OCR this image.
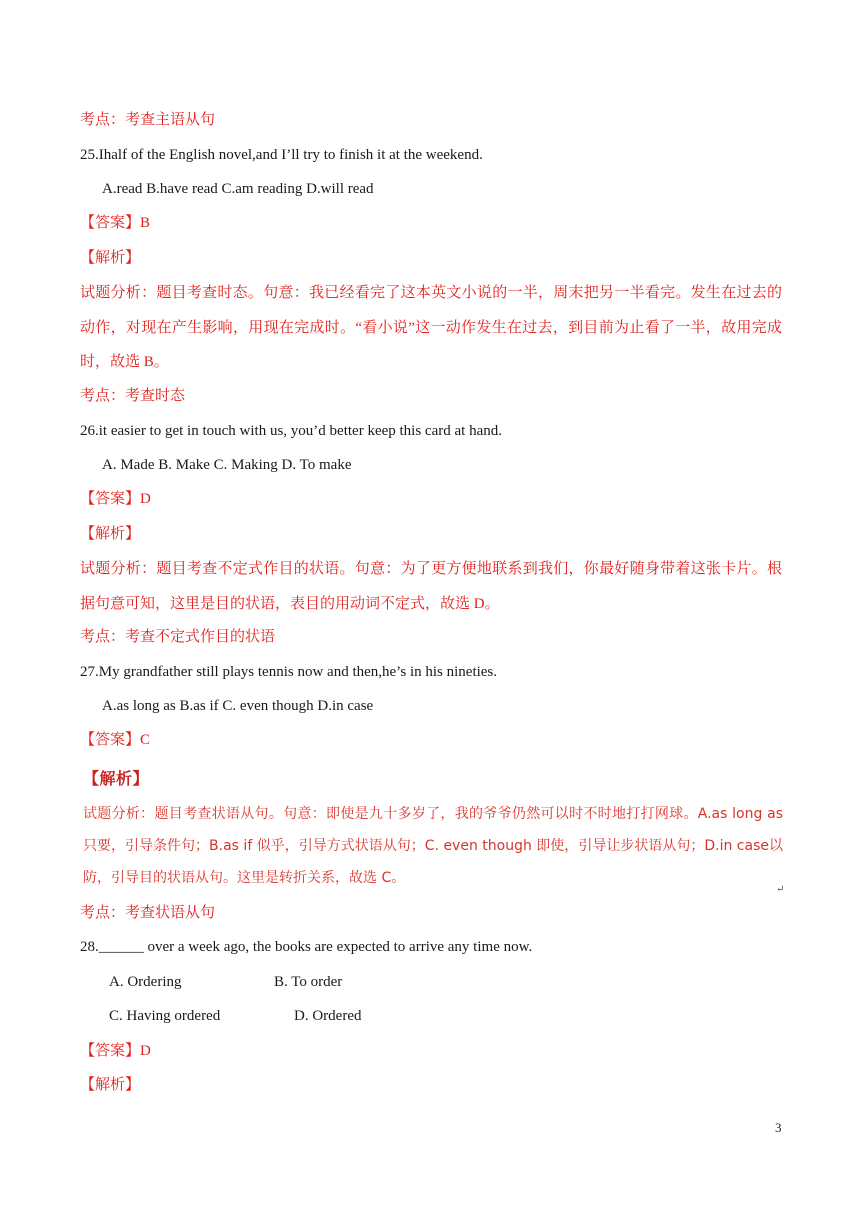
考点：考查主语从句
25.Ihalf of the English novel,and I’ll try to finish it at the weekend.
A.read B.have read C.am reading D.will read
【答案】B
【解析】
试题分析：题目考查时态。句意：我已经看完了这本英文小说的一半，周末把另一半看完。发生在过去的动作，对现在产生影响，用现在完成时。“看小说”这一动作发生在过去，到目前为止看了一半，故用完成时，故选 B。
考点：考查时态
26.it easier to get in touch with us, you’d better keep this card at hand.
A. Made B. Make C. Making D. To make
【答案】D
【解析】
试题分析：题目考查不定式作目的状语。句意：为了更方便地联系到我们，你最好随身带着这张卡片。根据句意可知，这里是目的状语，表目的用动词不定式，故选 D。
考点：考查不定式作目的状语
27.My grandfather still plays tennis now and then,he’s in his nineties.
A.as long as B.as if C. even though D.in case
【答案】C
【解析】
试题分析：题目考查状语从句。句意：即使是九十多岁了，我的爷爷仍然可以时不时地打打网球。A.as long as 只要，引导条件句；B.as if 似乎，引导方式状语从句；C. even though 即使，引导让步状语从句；D.in case以防，引导目的状语从句。这里是转折关系，故选 C。
↵
考点：考查状语从句
28.______ over a week ago, the books are expected to arrive any time now.
A. Ordering	B. To order
C. Having ordered	D. Ordered
【答案】D
【解析】
3
